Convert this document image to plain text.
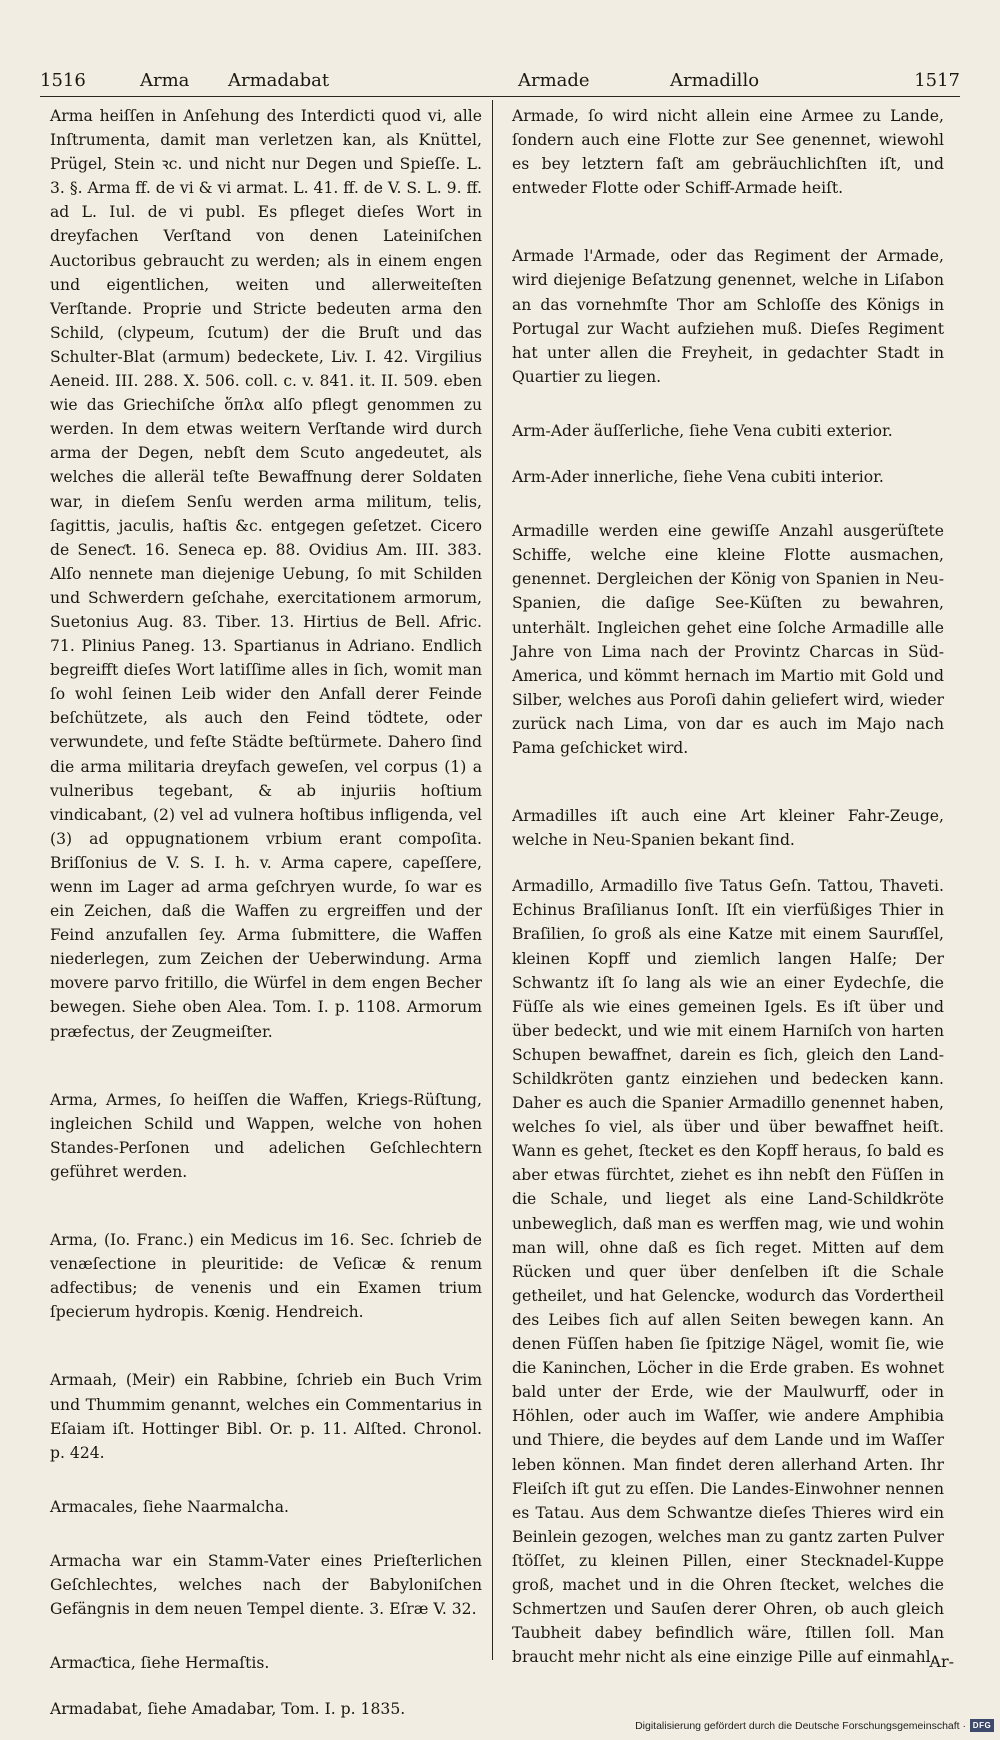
1516	Arma Armadabat	Armade	Armadillo	1517

Arma heiſſen in Anſehung des Interdicti quod vi, alle Inſtrumenta, damit man verletzen kan, als Knüttel, Prügel, Stein ꝛc. und nicht nur Degen und Spieſſe. L. 3. §. Arma ff. de vi & vi armat. L. 41. ff. de V. S. L. 9. ff. ad L. Iul. de vi publ. Es pfleget dieſes Wort in dreyfachen Verſtand von denen Lateiniſchen Auctoribus gebraucht zu werden; als in einem engen und eigentlichen, weiten und allerweiteſten Verſtande. Proprie und Stricte bedeuten arma den Schild, (clypeum, ſcutum) der die Bruſt und das Schulter-Blat (armum) bedeckete, Liv. I. 42. Virgilius Aeneid. III. 288. X. 506. coll. c. v. 841. it. II. 509. eben wie das Griechiſche ὅπλα alſo pflegt genommen zu werden. In dem etwas weitern Verſtande wird durch arma der Degen, nebſt dem Scuto angedeutet, als welches die alleräl teſte Bewaffnung derer Soldaten war, in dieſem Senſu werden arma militum, telis, ſagittis, jaculis, haſtis &c. entgegen geſetzet. Cicero de Seneƈt. 16. Seneca ep. 88. Ovidius Am. III. 383. Alſo nennete man diejenige Uebung, ſo mit Schilden und Schwerdern geſchahe, exercitationem armorum, Suetonius Aug. 83. Tiber. 13. Hirtius de Bell. Afric. 71. Plinius Paneg. 13. Spartianus in Adriano. Endlich begreifft dieſes Wort latiſſime alles in ſich, womit man ſo wohl ſeinen Leib wider den Anfall derer Feinde beſchützete, als auch den Feind tödtete, oder verwundete, und feſte Städte beſtürmete. Dahero ſind die arma militaria dreyfach geweſen, vel corpus (1) a vulneribus tegebant, & ab injuriis hoſtium vindicabant, (2) vel ad vulnera hoſtibus infligenda, vel (3) ad oppugnationem vrbium erant compoſita. Briſſonius de V. S. I. h. v. Arma capere, capeſſere, wenn im Lager ad arma geſchryen wurde, ſo war es ein Zeichen, daß die Waffen zu ergreiffen und der Feind anzufallen ſey. Arma ſubmittere, die Waffen niederlegen, zum Zeichen der Ueberwindung. Arma movere parvo fritillo, die Würfel in dem engen Becher bewegen. Siehe oben Alea. Tom. I. p. 1108. Armorum præfectus, der Zeugmeiſter.

Arma, Armes, ſo heiſſen die Waffen, Kriegs-Rüſtung, ingleichen Schild und Wappen, welche von hohen Standes-Perſonen und adelichen Geſchlechtern geführet werden.

Arma, (Io. Franc.) ein Medicus im 16. Sec. ſchrieb de venæſectione in pleuritide: de Veſicæ & renum adfectibus; de venenis und ein Examen trium ſpecierum hydropis. Kœnig. Hendreich.

Armaah, (Meir) ein Rabbine, ſchrieb ein Buch Vrim und Thummim genannt, welches ein Commentarius in Eſaiam iſt. Hottinger Bibl. Or. p. 11. Alſted. Chronol. p. 424.

Armacales, ſiehe Naarmalcha.

Armacha war ein Stamm-Vater eines Prieſterlichen Geſchlechtes, welches nach der Babyloniſchen Gefängnis in dem neuen Tempel diente. 3. Eſræ V. 32.

Armaƈtica, ſiehe Hermaſtis.

Armadabat, ſiehe Amadabar, Tom. I. p. 1835.

Armade, ſo wird nicht allein eine Armee zu Lande, ſondern auch eine Flotte zur See genennet, wiewohl es bey letztern faſt am gebräuchlichſten iſt, und entweder Flotte oder Schiff-Armade heiſt.

Armade l'Armade, oder das Regiment der Armade, wird diejenige Beſatzung genennet, welche in Liſabon an das vornehmſte Thor am Schloſſe des Königs in Portugal zur Wacht aufziehen muß. Dieſes Regiment hat unter allen die Freyheit, in gedachter Stadt in Quartier zu liegen.

Arm-Ader äuſſerliche, ſiehe Vena cubiti exterior.

Arm-Ader innerliche, ſiehe Vena cubiti interior.

Armadille werden eine gewiſſe Anzahl ausgerüſtete Schiffe, welche eine kleine Flotte ausmachen, genennet. Dergleichen der König von Spanien in Neu-Spanien, die daſige See-Küſten zu bewahren, unterhält. Ingleichen gehet eine ſolche Armadille alle Jahre von Lima nach der Provintz Charcas in Süd-America, und kömmt hernach im Martio mit Gold und Silber, welches aus Poroſi dahin geliefert wird, wieder zurück nach Lima, von dar es auch im Majo nach Pama geſchicket wird.

Armadilles iſt auch eine Art kleiner Fahr-Zeuge, welche in Neu-Spanien bekant ſind.

Armadillo, Armadillo ſive Tatus Geſn. Tattou, Thaveti. Echinus Braſilianus Ionſt. Iſt ein vierfüßiges Thier in Braſilien, ſo groß als eine Katze mit einem Sauruͤſſel, kleinen Kopff und ziemlich langen Halſe; Der Schwantz iſt ſo lang als wie an einer Eydechſe, die Füſſe als wie eines gemeinen Igels. Es iſt über und über bedeckt, und wie mit einem Harniſch von harten Schupen bewaffnet, darein es ſich, gleich den Land-Schildkröten gantz einziehen und bedecken kann. Daher es auch die Spanier Armadillo genennet haben, welches ſo viel, als über und über bewaffnet heiſt. Wann es gehet, ſtecket es den Kopff heraus, ſo bald es aber etwas fürchtet, ziehet es ihn nebſt den Füſſen in die Schale, und lieget als eine Land-Schildkröte unbeweglich, daß man es werffen mag, wie und wohin man will, ohne daß es ſich reget. Mitten auf dem Rücken und quer über denſelben iſt die Schale getheilet, und hat Gelencke, wodurch das Vordertheil des Leibes ſich auf allen Seiten bewegen kann. An denen Füſſen haben ſie ſpitzige Nägel, womit ſie, wie die Kaninchen, Löcher in die Erde graben. Es wohnet bald unter der Erde, wie der Maulwurff, oder in Höhlen, oder auch im Waſſer, wie andere Amphibia und Thiere, die beydes auf dem Lande und im Waſſer leben können. Man findet deren allerhand Arten. Ihr Fleiſch iſt gut zu eſſen. Die Landes-Einwohner nennen es Tatau. Aus dem Schwantze dieſes Thieres wird ein Beinlein gezogen, welches man zu gantz zarten Pulver ſtöſſet, zu kleinen Pillen, einer Stecknadel-Kuppe groß, machet und in die Ohren ſtecket, welches die Schmertzen und Sauſen derer Ohren, ob auch gleich Taubheit dabey befindlich wäre, ſtillen ſoll. Man braucht mehr nicht als eine einzige Pille auf einmahl.

Ar-
Digitalisierung gefördert durch die Deutsche Forschungsgemeinschaft · DFG
